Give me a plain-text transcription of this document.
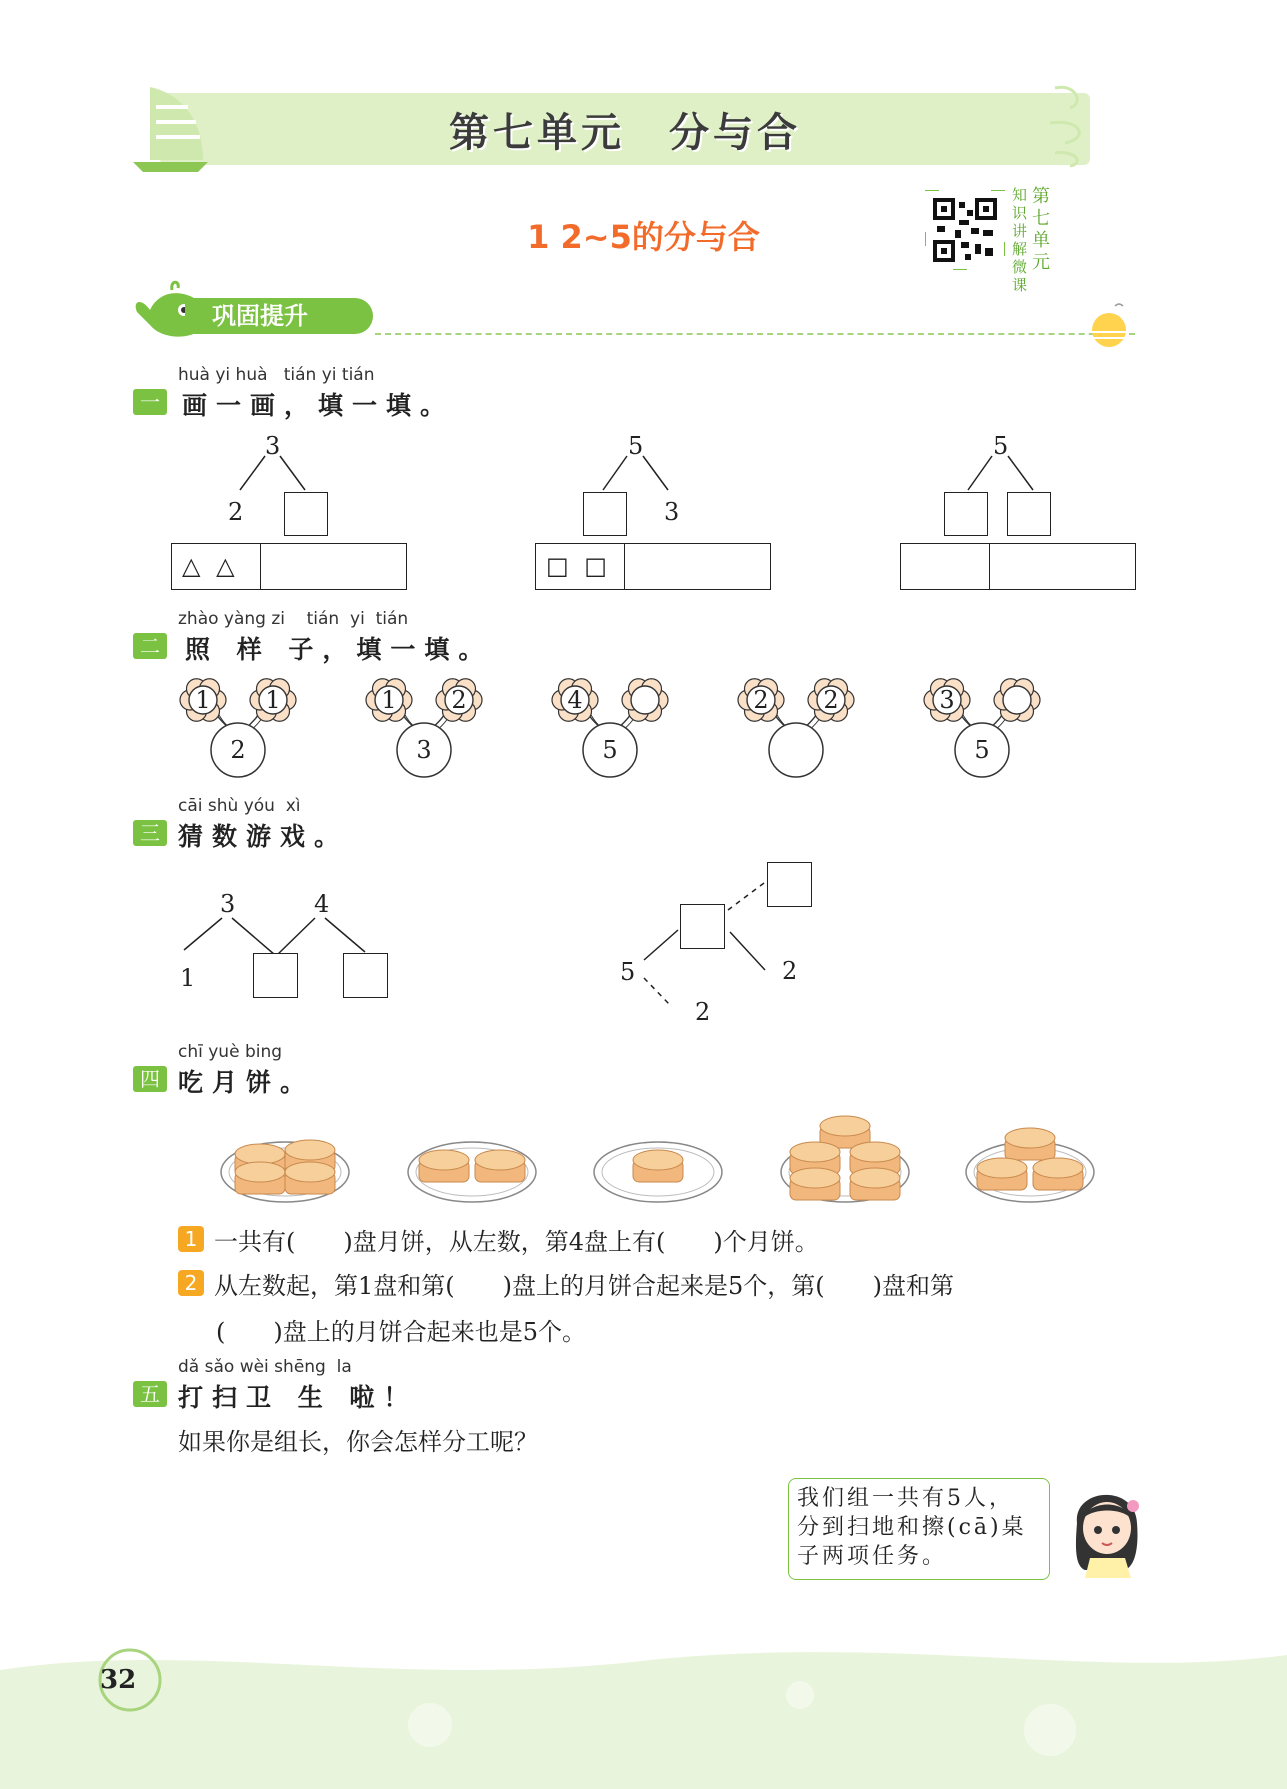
32
第七单元　分与合
1 2~5的分与合
知识讲解微课
第七单元
巩固提升
huà yi huà   tián yi tián
一 画一画，填一填。
3
2
△ △
5
3
□ □
5
zhào yàng zi    tián  yi  tián
二 照 样 子，填一填。
1 1
2
1 2
3
4
5
2 2	3
5
cāi shù yóu  xì
三 猜数游戏。
3	4
1	5	2
2
chī yuè bing
四 吃月饼。
1 一共有(　　)盘月饼，从左数，第4盘上有(　　)个月饼。
2 从左数起，第1盘和第(　　)盘上的月饼合起来是5个，第(　　)盘和第
(　　)盘上的月饼合起来也是5个。
dǎ sǎo wèi shēng  la
五 打扫卫 生 啦！
如果你是组长，你会怎样分工呢？
我们组一共有5人，
分到扫地和擦(cā)桌
子两项任务。
